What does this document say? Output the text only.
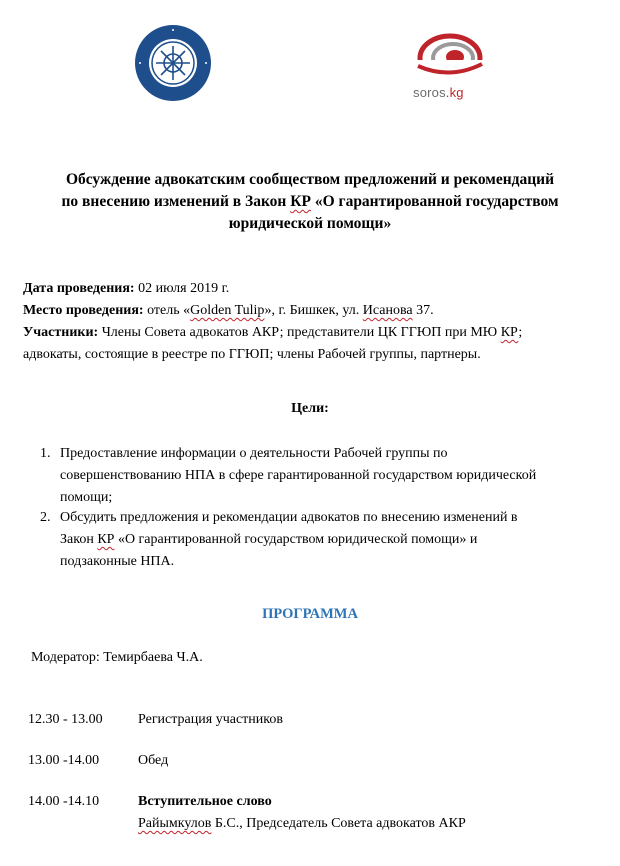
soros.kg
Обсуждение адвокатским сообществом предложений и рекомендаций
по внесению изменений в Закон КР «О гарантированной государством
юридической помощи»
Дата проведения: 02 июля 2019 г.
Место проведения: отель «Golden Tulip», г. Бишкек, ул. Исанова 37.
Участники: Члены Совета адвокатов АКР; представители ЦК ГГЮП при МЮ КР;
адвокаты, состоящие в реестре по ГГЮП; члены Рабочей группы, партнеры.
Цели:
1. Предоставление информации о деятельности Рабочей группы по
совершенствованию НПА в сфере гарантированной государством юридической
помощи;
2. Обсудить предложения и рекомендации адвокатов по внесению изменений в
Закон КР «О гарантированной государством юридической помощи» и
подзаконные НПА.
ПРОГРАММА
Модератор: Темирбаева Ч.А.
12.30 - 13.00	Регистрация участников
13.00 -14.00	Обед
14.00 -14.10	Вступительное слово
Райымкулов Б.С., Председатель Совета адвокатов АКР
